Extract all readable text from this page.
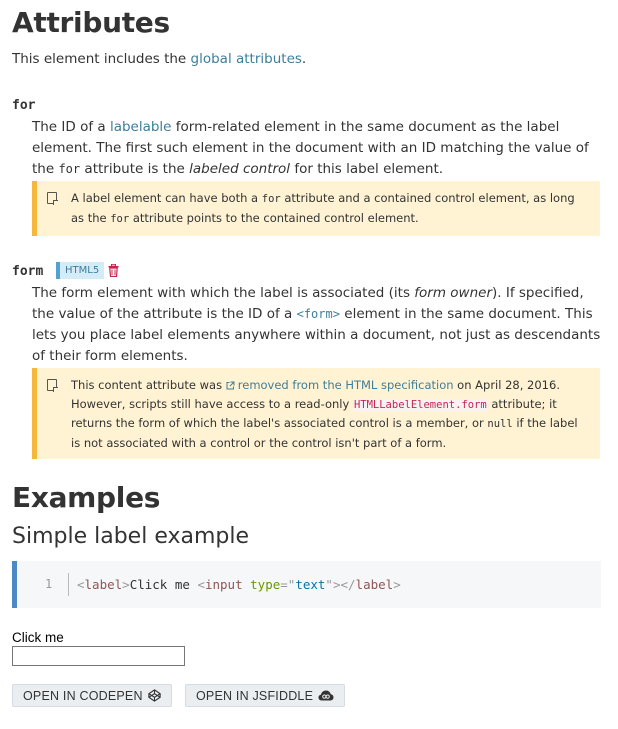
Attributes
This element includes the global attributes.
for
The ID of a labelable form-related element in the same document as the label element. The first such element in the document with an ID matching the value of the for attribute is the labeled control for this label element.
A label element can have both a for attribute and a contained control element, as long as the for attribute points to the contained control element.
form	HTML5
The form element with which the label is associated (its form owner). If specified, the value of the attribute is the ID of a <form> element in the same document. This lets you place label elements anywhere within a document, not just as descendants of their form elements.
This content attribute was removed from the HTML specification on April 28, 2016. However, scripts still have access to a read-only HTMLLabelElement.form attribute; it returns the form of which the label's associated control is a member, or null if the label is not associated with a control or the control isn't part of a form.
Examples
Simple label example
1 <label>Click me <input type="text"></label>
Click me
OPEN IN CODEPEN	OPEN IN JSFIDDLE
